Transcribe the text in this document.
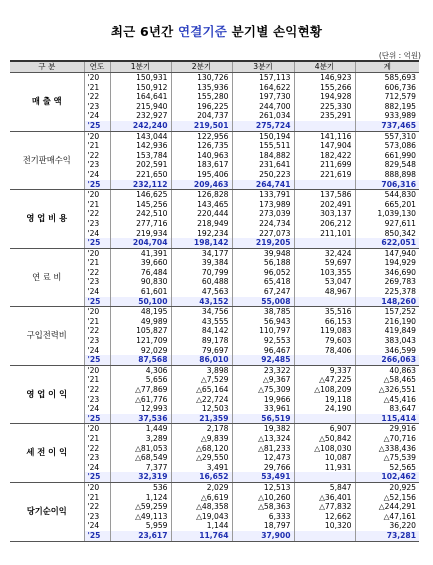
최근 6년간 연결기준 분기별 손익현황
(단위 : 억원)
구 분	연도	1분기	2분기	3분기	4분기	계
매 출 액	'20	150,931	130,726	157,113	146,923	585,693
	'21	150,912	135,936	164,622	155,266	606,736
	'22	164,641	155,280	197,730	194,928	712,579
	'23	215,940	196,225	244,700	225,330	882,195
	'24	232,927	204,737	261,034	235,291	933,989
	'25	242,240	219,501	275,724		737,465
전기판매수익	'20	143,044	122,956	150,194	141,116	557,310
	'21	142,936	126,735	155,511	147,904	573,086
	'22	153,784	140,963	184,882	182,422	661,990
	'23	202,591	183,617	231,641	211,699	829,548
	'24	221,650	195,406	250,223	221,619	888,898
	'25	232,112	209,463	264,741		706,316
영 업 비 용	'20	146,625	126,828	133,791	137,586	544,830
	'21	145,256	143,465	173,989	202,491	665,201
	'22	242,510	220,444	273,039	303,137	1,039,130
	'23	277,716	218,949	224,734	206,212	927,611
	'24	219,934	192,234	227,073	211,101	850,342
	'25	204,704	198,142	219,205		622,051
연 료 비	'20	41,391	34,177	39,948	32,424	147,940
	'21	39,660	39,384	56,188	59,697	194,929
	'22	76,484	70,799	96,052	103,355	346,690
	'23	90,830	60,488	65,418	53,047	269,783
	'24	61,601	47,563	67,247	48,967	225,378
	'25	50,100	43,152	55,008		148,260
구입전력비	'20	48,195	34,756	38,785	35,516	157,252
	'21	49,989	43,555	56,943	66,153	216,190
	'22	105,827	84,142	110,797	119,083	419,849
	'23	121,709	89,178	92,553	79,603	383,043
	'24	92,029	79,697	96,467	78,406	346,599
	'25	87,568	86,010	92,485		266,063
영 업 이 익	'20	4,306	3,898	23,322	9,337	40,863
	'21	5,656	△7,529	△9,367	△47,225	△58,465
	'22	△77,869	△65,164	△75,309	△108,209	△326,551
	'23	△61,776	△22,724	19,966	19,118	△45,416
	'24	12,993	12,503	33,961	24,190	83,647
	'25	37,536	21,359	56,519		115,414
세 전 이 익	'20	1,449	2,178	19,382	6,907	29,916
	'21	3,289	△9,839	△13,324	△50,842	△70,716
	'22	△81,053	△68,120	△81,233	△108,030	△338,436
	'23	△68,549	△29,550	12,473	10,087	△75,539
	'24	7,377	3,491	29,766	11,931	52,565
	'25	32,319	16,652	53,491		102,462
당기순이익	'20	536	2,029	12,513	5,847	20,925
	'21	1,124	△6,619	△10,260	△36,401	△52,156
	'22	△59,259	△48,358	△58,363	△77,832	△244,291
	'23	△49,113	△19,043	6,333	12,662	△47,161
	'24	5,959	1,144	18,797	10,320	36,220
	'25	23,617	11,764	37,900		73,281
